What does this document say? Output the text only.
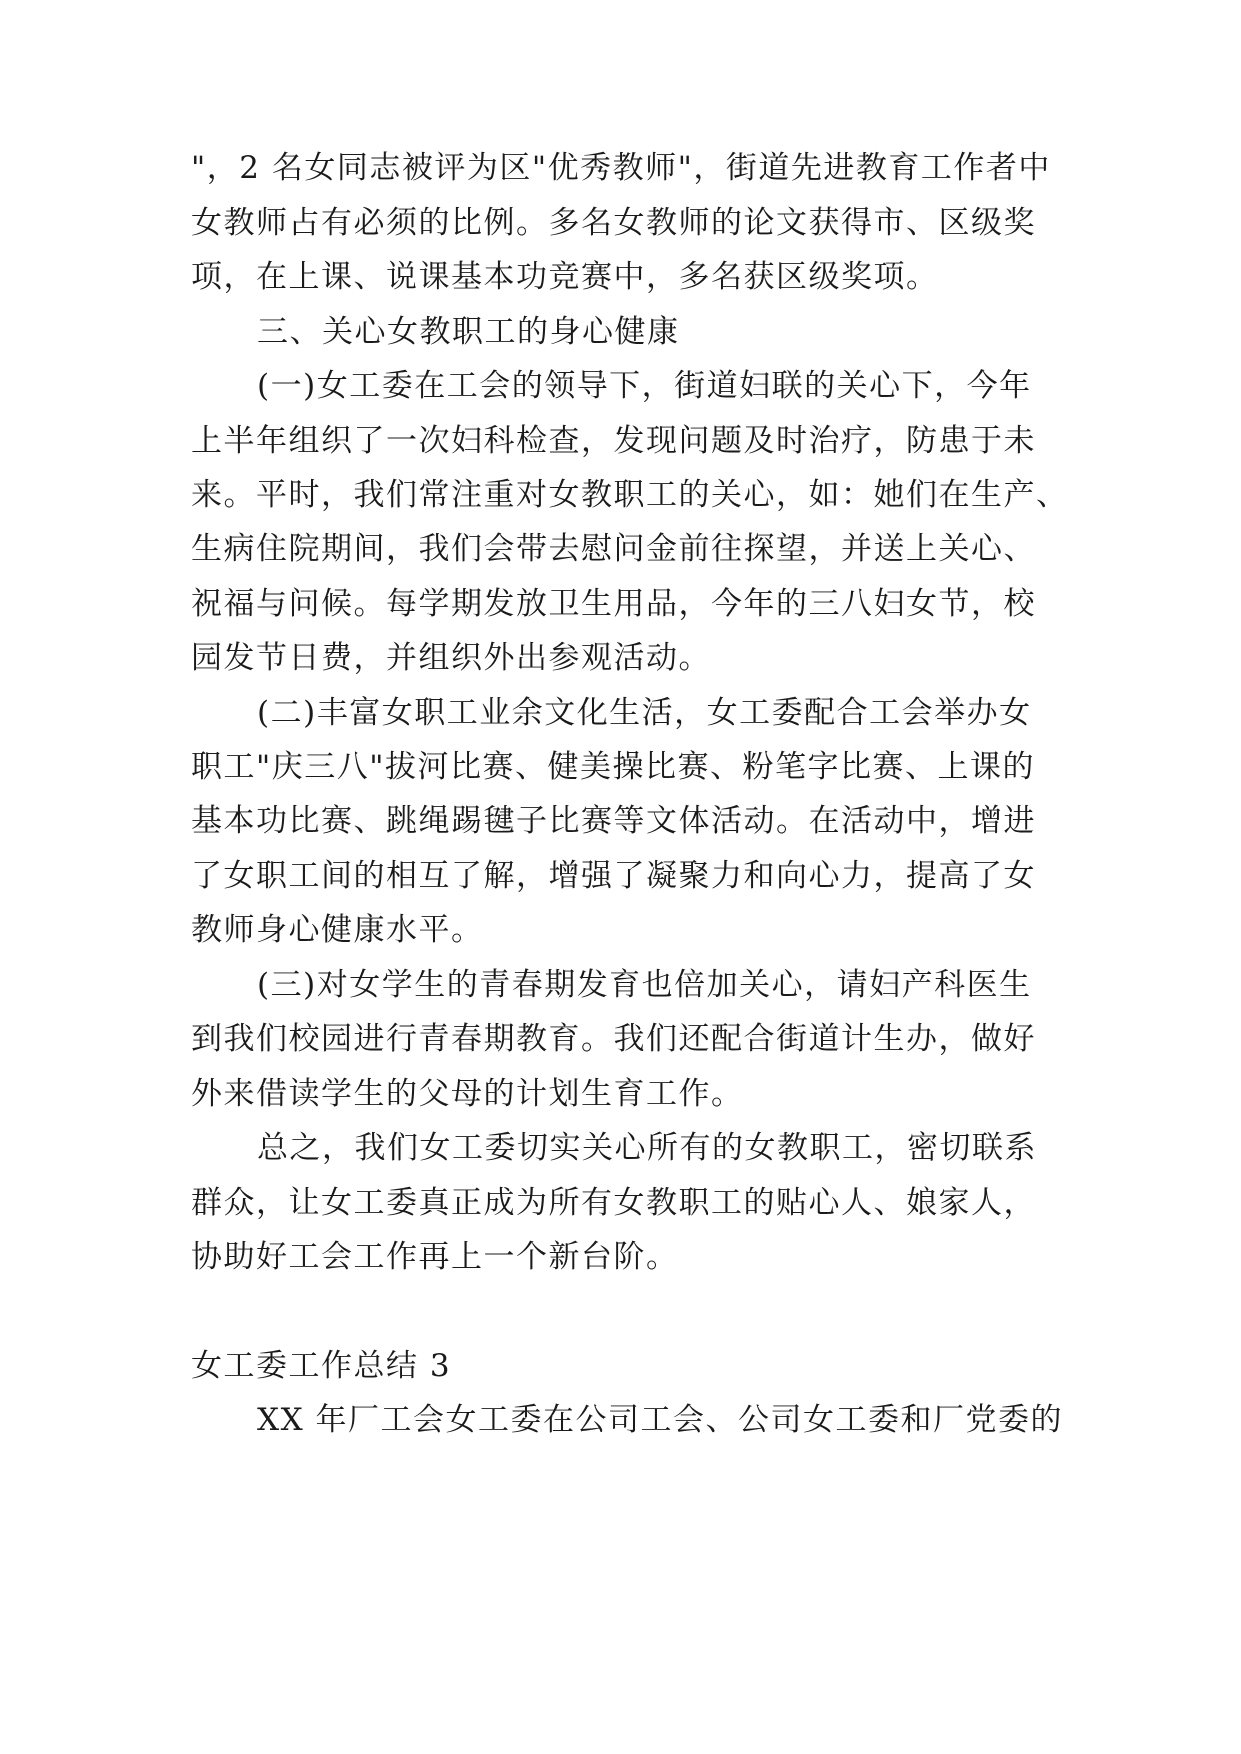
"，2 名女同志被评为区"优秀教师"，街道先进教育工作者中

女教师占有必须的比例。多名女教师的论文获得市、区级奖

项，在上课、说课基本功竞赛中，多名获区级奖项。

三、关心女教职工的身心健康

(一)女工委在工会的领导下，街道妇联的关心下，今年

上半年组织了一次妇科检查，发现问题及时治疗，防患于未

来。平时，我们常注重对女教职工的关心，如：她们在生产、

生病住院期间，我们会带去慰问金前往探望，并送上关心、

祝福与问候。每学期发放卫生用品，今年的三八妇女节，校

园发节日费，并组织外出参观活动。

(二)丰富女职工业余文化生活，女工委配合工会举办女

职工"庆三八"拔河比赛、健美操比赛、粉笔字比赛、上课的

基本功比赛、跳绳踢毽子比赛等文体活动。在活动中，增进

了女职工间的相互了解，增强了凝聚力和向心力，提高了女

教师身心健康水平。

(三)对女学生的青春期发育也倍加关心，请妇产科医生

到我们校园进行青春期教育。我们还配合街道计生办，做好

外来借读学生的父母的计划生育工作。

总之，我们女工委切实关心所有的女教职工，密切联系

群众，让女工委真正成为所有女教职工的贴心人、娘家人，

协助好工会工作再上一个新台阶。

女工委工作总结 3

XX 年厂工会女工委在公司工会、公司女工委和厂党委的
